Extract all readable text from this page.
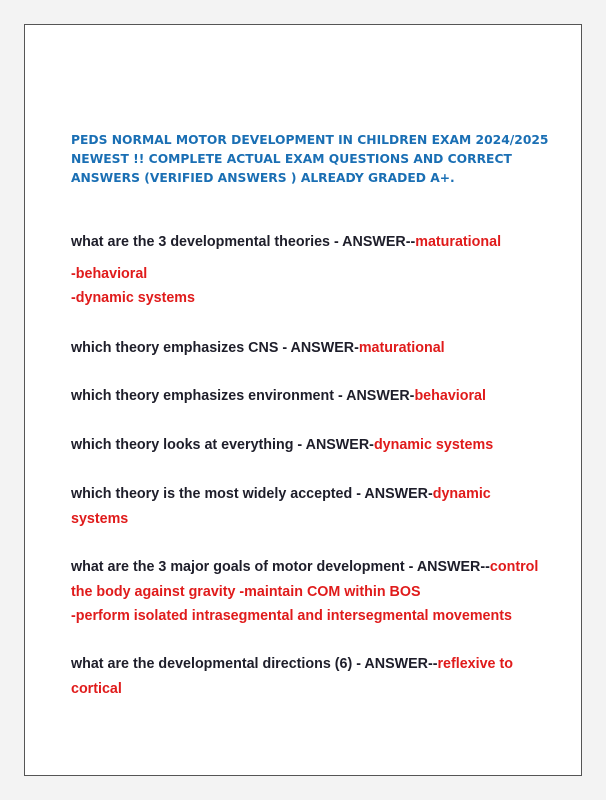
PEDS NORMAL MOTOR DEVELOPMENT IN CHILDREN EXAM 2024/2025
NEWEST !! COMPLETE ACTUAL EXAM QUESTIONS AND CORRECT
ANSWERS (VERIFIED ANSWERS ) ALREADY GRADED A+.
what are the 3 developmental theories - ANSWER--maturational
-behavioral
-dynamic systems
which theory emphasizes CNS - ANSWER-maturational
which theory emphasizes environment - ANSWER-behavioral
which theory looks at everything - ANSWER-dynamic systems
which theory is the most widely accepted - ANSWER-dynamic
systems
what are the 3 major goals of motor development - ANSWER--control
the body against gravity -maintain COM within BOS
-perform isolated intrasegmental and intersegmental movements
what are the developmental directions (6) - ANSWER--reflexive to
cortical
